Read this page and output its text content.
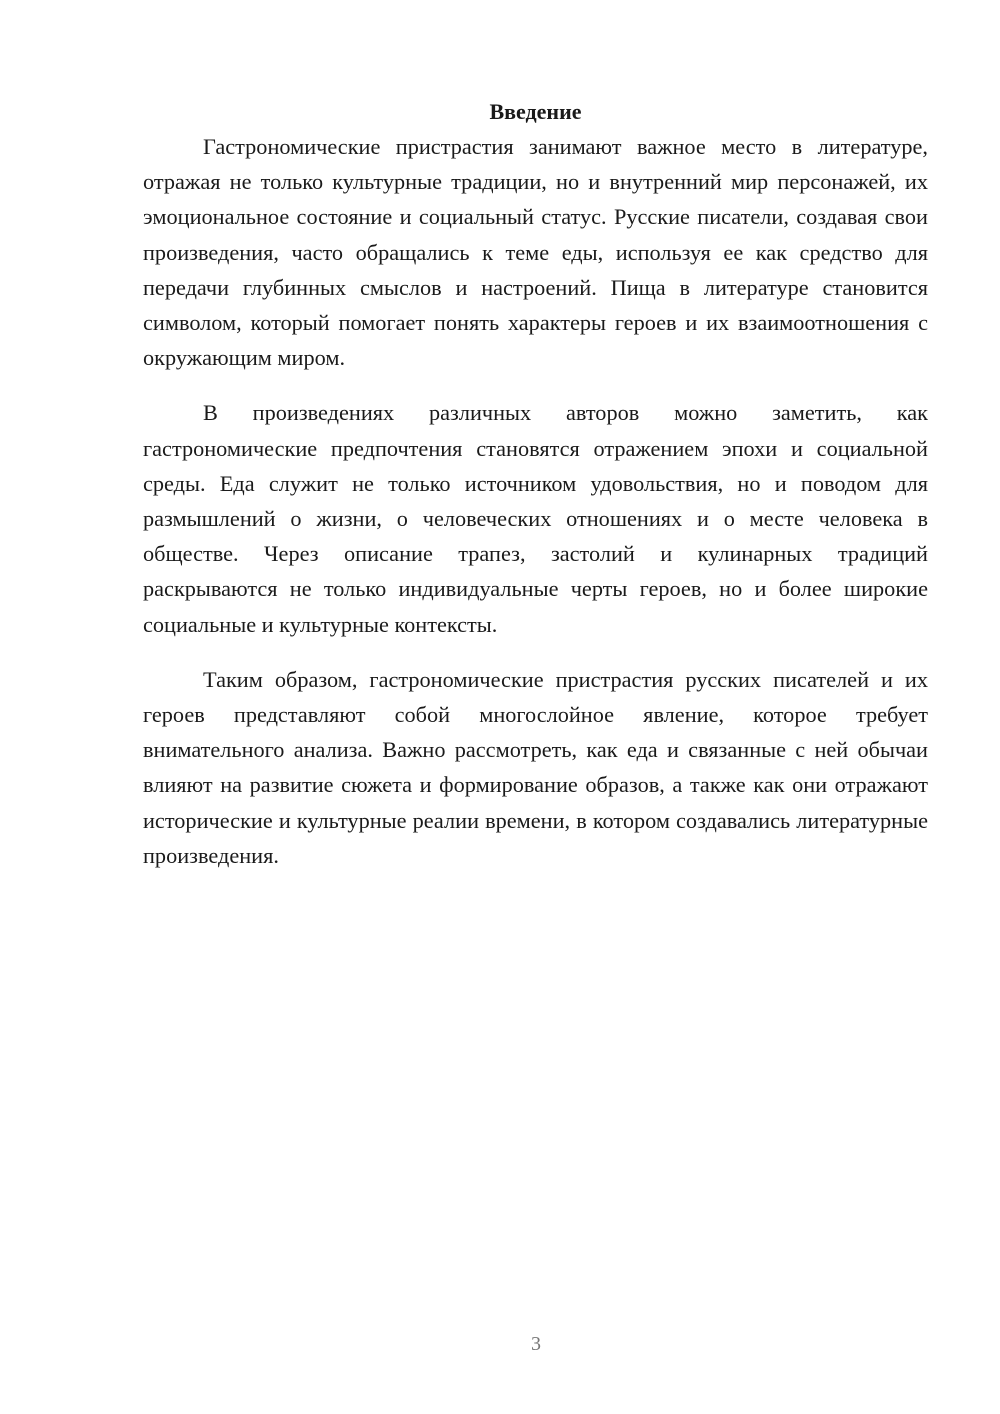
Введение

Гастрономические пристрастия занимают важное место в литературе, отражая не только культурные традиции, но и внутренний мир персонажей, их эмоциональное состояние и социальный статус. Русские писатели, создавая свои произведения, часто обращались к теме еды, используя ее как средство для передачи глубинных смыслов и настроений. Пища в литературе становится символом, который помогает понять характеры героев и их взаимоотношения с окружающим миром.

В произведениях различных авторов можно заметить, как гастрономические предпочтения становятся отражением эпохи и социальной среды. Еда служит не только источником удовольствия, но и поводом для размышлений о жизни, о человеческих отношениях и о месте человека в обществе. Через описание трапез, застолий и кулинарных традиций раскрываются не только индивидуальные черты героев, но и более широкие социальные и культурные контексты.

Таким образом, гастрономические пристрастия русских писателей и их героев представляют собой многослойное явление, которое требует внимательного анализа. Важно рассмотреть, как еда и связанные с ней обычаи влияют на развитие сюжета и формирование образов, а также как они отражают исторические и культурные реалии времени, в котором создавались литературные произведения.

3
